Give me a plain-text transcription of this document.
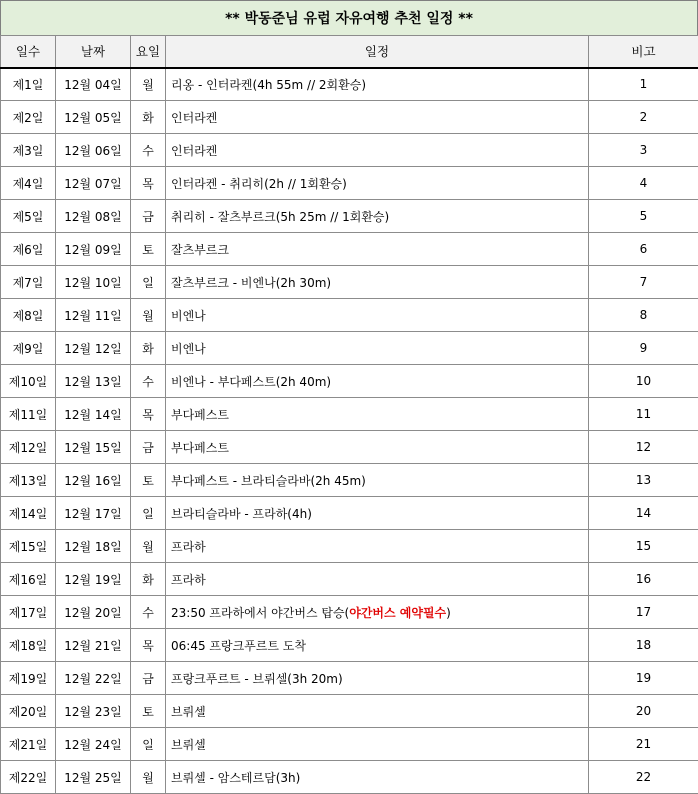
** 박동준님 유럽 자유여행 추천 일정 **
일수	날짜	요일	일정	비고
제1일	12월 04일	월	리옹 - 인터라켄(4h 55m // 2회환승)	1
제2일	12월 05일	화	인터라켄	2
제3일	12월 06일	수	인터라켄	3
제4일	12월 07일	목	인터라켄 - 취리히(2h // 1회환승)	4
제5일	12월 08일	금	취리히 - 잘츠부르크(5h 25m // 1회환승)	5
제6일	12월 09일	토	잘츠부르크	6
제7일	12월 10일	일	잘츠부르크 - 비엔나(2h 30m)	7
제8일	12월 11일	월	비엔나	8
제9일	12월 12일	화	비엔나	9
제10일	12월 13일	수	비엔나 - 부다페스트(2h 40m)	10
제11일	12월 14일	목	부다페스트	11
제12일	12월 15일	금	부다페스트	12
제13일	12월 16일	토	부다페스트 - 브라티슬라바(2h 45m)	13
제14일	12월 17일	일	브라티슬라바 - 프라하(4h)	14
제15일	12월 18일	월	프라하	15
제16일	12월 19일	화	프라하	16
제17일	12월 20일	수	23:50 프라하에서 야간버스 탑승(야간버스 예약필수)	17
제18일	12월 21일	목	06:45 프랑크푸르트 도착	18
제19일	12월 22일	금	프랑크푸르트 - 브뤼셀(3h 20m)	19
제20일	12월 23일	토	브뤼셀	20
제21일	12월 24일	일	브뤼셀	21
제22일	12월 25일	월	브뤼셀 - 암스테르담(3h)	22
